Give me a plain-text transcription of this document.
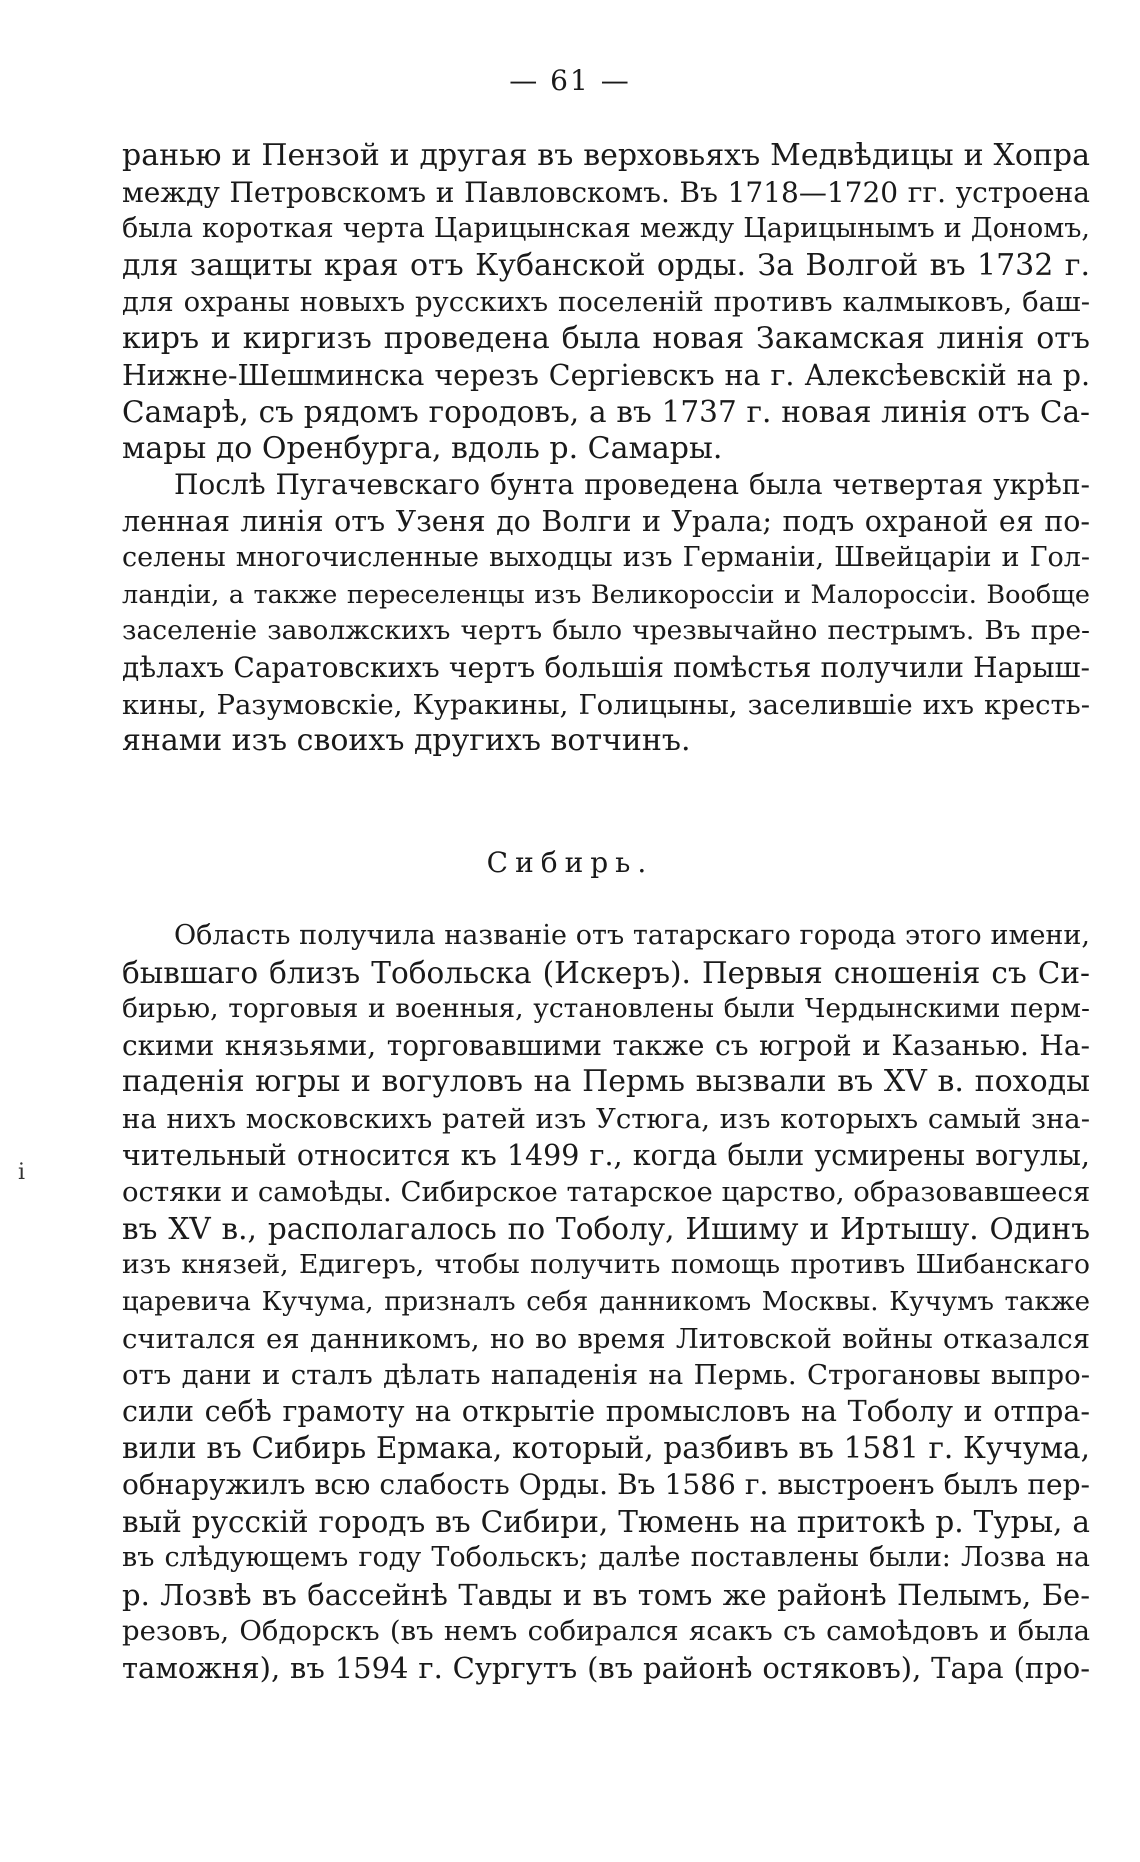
— 61 —
ранью и Пензой и другая въ верховьяхъ Медвѣдицы и Хопра
между Петровскомъ и Павловскомъ. Въ 1718—1720 гг. устроена
была короткая черта Царицынская между Царицынымъ и Дономъ,
для защиты края отъ Кубанской орды. За Волгой въ 1732 г.
для охраны новыхъ русскихъ поселеній противъ калмыковъ, баш-
киръ и киргизъ проведена была новая Закамская линія отъ
Нижне-Шешминска черезъ Сергіевскъ на г. Алексѣевскій на р.
Самарѣ, съ рядомъ городовъ, а въ 1737 г. новая линія отъ Са-
мары до Оренбурга, вдоль р. Самары.
Послѣ Пугачевскаго бунта проведена была четвертая укрѣп-
ленная линія отъ Узеня до Волги и Урала; подъ охраной ея по-
селены многочисленные выходцы изъ Германіи, Швейцаріи и Гол-
ландіи, а также переселенцы изъ Великороссіи и Малороссіи. Вообще
заселеніе заволжскихъ чертъ было чрезвычайно пестрымъ. Въ пре-
дѣлахъ Саратовскихъ чертъ большія помѣстья получили Нарыш-
кины, Разумовскіе, Куракины, Голицыны, заселившіе ихъ кресть-
янами изъ своихъ другихъ вотчинъ.
Сибирь.
Область получила названіе отъ татарскаго города этого имени,
бывшаго близъ Тобольска (Искеръ). Первыя сношенія съ Си-
бирью, торговыя и военныя, установлены были Чердынскими перм-
скими князьями, торговавшими также съ югрой и Казанью. На-
паденія югры и вогуловъ на Пермь вызвали въ XV в. походы
на нихъ московскихъ ратей изъ Устюга, изъ которыхъ самый зна-
чительный относится къ 1499 г., когда были усмирены вогулы,
остяки и самоѣды. Сибирское татарское царство, образовавшееся
въ XV в., располагалось по Тоболу, Ишиму и Иртышу. Одинъ
изъ князей, Едигеръ, чтобы получить помощь противъ Шибанскаго
царевича Кучума, призналъ себя данникомъ Москвы. Кучумъ также
считался ея данникомъ, но во время Литовской войны отказался
отъ дани и сталъ дѣлать нападенія на Пермь. Строгановы выпро-
сили себѣ грамоту на открытіе промысловъ на Тоболу и отпра-
вили въ Сибирь Ермака, который, разбивъ въ 1581 г. Кучума,
обнаружилъ всю слабость Орды. Въ 1586 г. выстроенъ былъ пер-
вый русскій городъ въ Сибири, Тюмень на притокѣ р. Туры, а
въ слѣдующемъ году Тобольскъ; далѣе поставлены были: Лозва на
р. Лозвѣ въ бассейнѣ Тавды и въ томъ же районѣ Пелымъ, Бе-
резовъ, Обдорскъ (въ немъ собирался ясакъ съ самоѣдовъ и была
таможня), въ 1594 г. Сургутъ (въ районѣ остяковъ), Тара (про-
ⅰ
